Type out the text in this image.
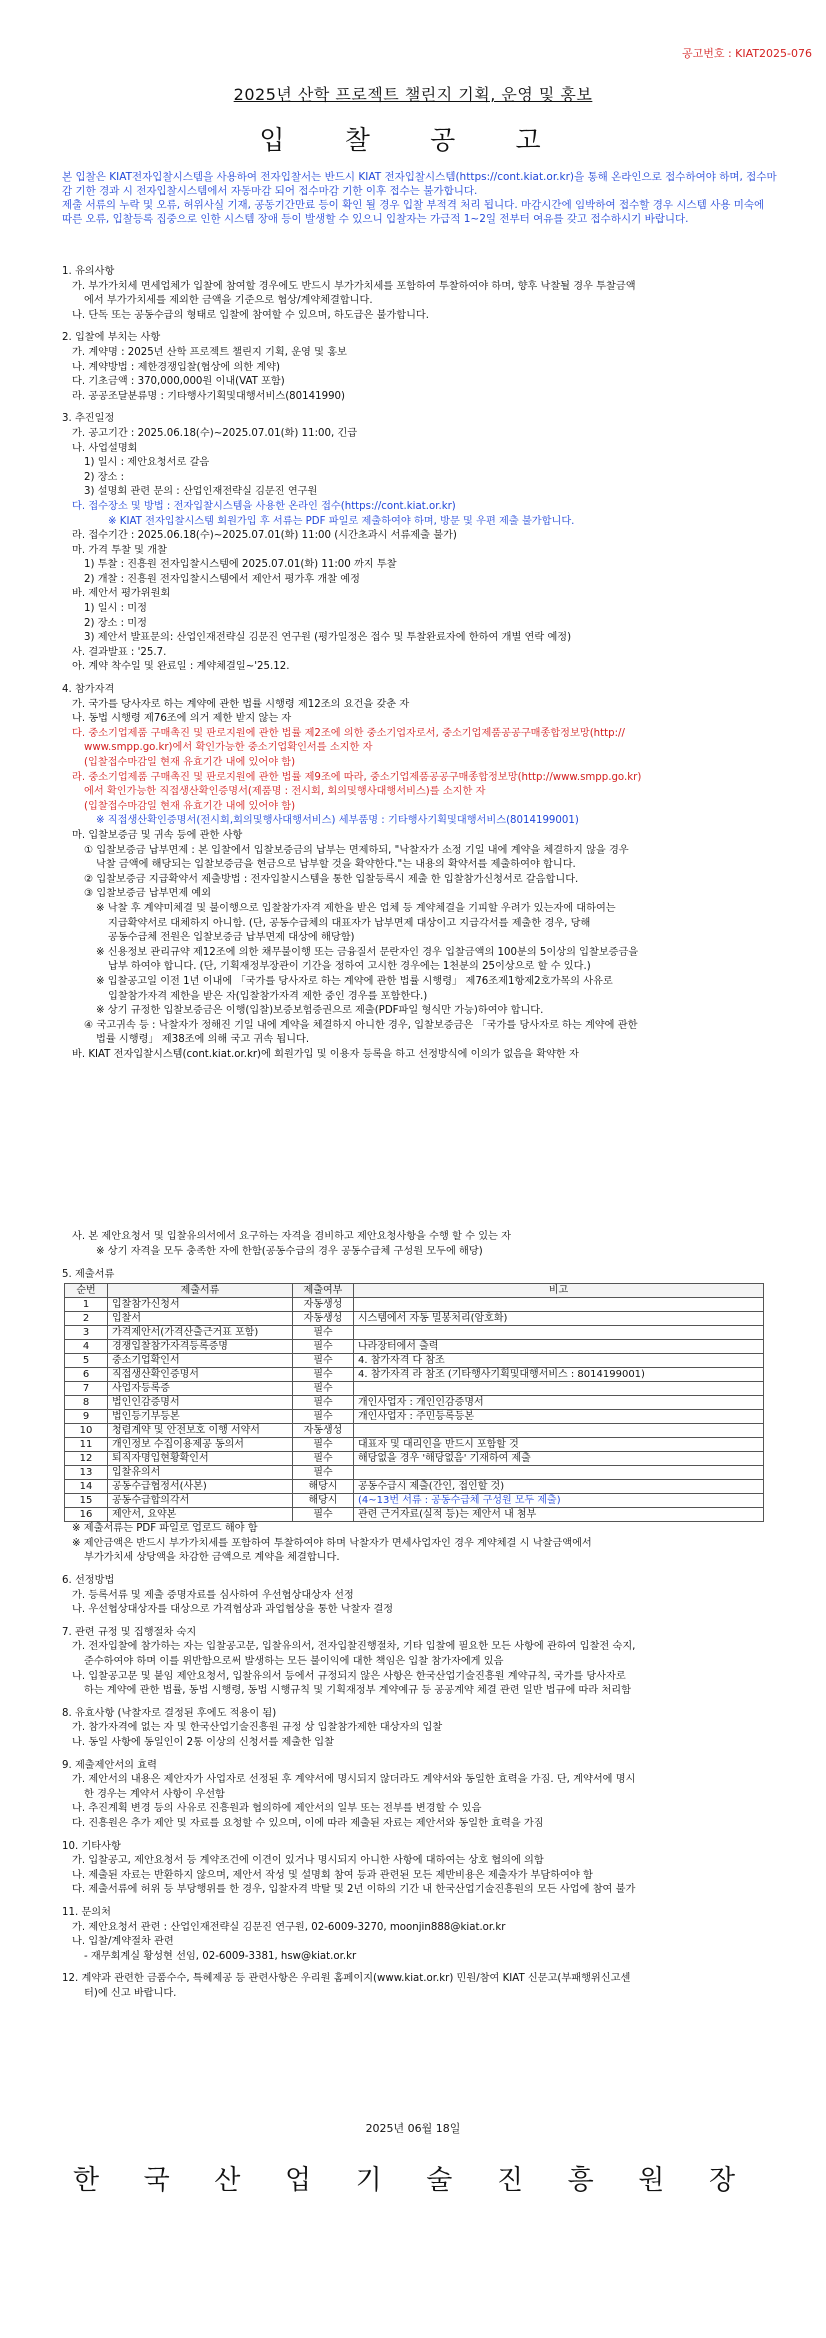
공고번호 : KIAT2025-076
2025년 산학 프로젝트 챌린지 기획, 운영 및 홍보
입 찰 공 고

본 입찰은 KIAT전자입찰시스템을 사용하여 전자입찰서는 반드시 KIAT 전자입찰시스템(https://cont.kiat.or.kr)을 통해 온라인으로 접수하여야 하며, 접수마감 기한 경과 시 전자입찰시스템에서 자동마감 되어 접수마감 기한 이후 접수는 불가합니다.

제출 서류의 누락 및 오류, 허위사실 기재, 공동기간만료 등이 확인 될 경우 입찰 부적격 처리 됩니다. 마감시간에 임박하여 접수할 경우 시스템 사용 미숙에 따른 오류, 입찰등록 집중으로 인한 시스템 장애 등이 발생할 수 있으니 입찰자는 가급적 1~2일 전부터 여유를 갖고 접수하시기 바랍니다.

1. 유의사항
가. 부가가치세 면세업체가 입찰에 참여할 경우에도 반드시 부가가치세를 포함하여 투찰하여야 하며, 향후 낙찰될 경우 투찰금액
에서 부가가치세를 제외한 금액을 기준으로 협상/계약체결합니다.
나. 단독 또는 공동수급의 형태로 입찰에 참여할 수 있으며, 하도급은 불가합니다.
2. 입찰에 부치는 사항
가. 계약명 : 2025년 산학 프로젝트 챌린지 기획, 운영 및 홍보
나. 계약방법 : 제한경쟁입찰(협상에 의한 계약)
다. 기초금액 : 370,000,000원 이내(VAT 포함)
라. 공공조달분류명 : 기타행사기획및대행서비스(80141990)
3. 추진일정
가. 공고기간 : 2025.06.18(수)~2025.07.01(화) 11:00, 긴급
나. 사업설명회
1) 일시 : 제안요청서로 갈음
2) 장소 :
3) 설명회 관련 문의 : 산업인재전략실 김문진 연구원
다. 접수장소 및 방법 : 전자입찰시스템을 사용한 온라인 접수(https://cont.kiat.or.kr)
※ KIAT 전자입찰시스템 회원가입 후 서류는 PDF 파일로 제출하여야 하며, 방문 및 우편 제출 불가합니다.
라. 접수기간 : 2025.06.18(수)~2025.07.01(화) 11:00 (시간초과시 서류제출 불가)
마. 가격 투찰 및 개찰
1) 투찰 : 진흥원 전자입찰시스템에 2025.07.01(화) 11:00 까지 투찰
2) 개찰 : 진흥원 전자입찰시스템에서 제안서 평가후 개찰 예정
바. 제안서 평가위원회
1) 일시 : 미정
2) 장소 : 미정
3) 제안서 발표문의: 산업인재전략실 김문진 연구원 (평가일정은 접수 및 투찰완료자에 한하여 개별 연락 예정)
사. 결과발표 : '25.7.
아. 계약 착수일 및 완료일 : 계약체결일~'25.12.
4. 참가자격
가. 국가를 당사자로 하는 계약에 관한 법률 시행령 제12조의 요건을 갖춘 자
나. 동법 시행령 제76조에 의거 제한 받지 않는 자
다. 중소기업제품 구매촉진 및 판로지원에 관한 법률 제2조에 의한 중소기업자로서, 중소기업제품공공구매종합정보망(http://
www.smpp.go.kr)에서 확인가능한 중소기업확인서를 소지한 자
(입찰접수마감일 현재 유효기간 내에 있어야 함)
라. 중소기업제품 구매촉진 및 판로지원에 관한 법률 제9조에 따라, 중소기업제품공공구매종합정보망(http://www.smpp.go.kr)
에서 확인가능한 직접생산확인증명서(제품명 : 전시회, 회의및행사대행서비스)를 소지한 자
(입찰접수마감일 현재 유효기간 내에 있어야 함)
※ 직접생산확인증명서(전시회,회의및행사대행서비스) 세부품명 : 기타행사기획및대행서비스(80141990​01)
마. 입찰보증금 및 귀속 등에 관한 사항
① 입찰보증금 납부면제 : 본 입찰에서 입찰보증금의 납부는 면제하되, "낙찰자가 소정 기일 내에 계약을 체결하지 않을 경우
낙찰 금액에 해당되는 입찰보증금을 현금으로 납부할 것을 확약한다."는 내용의 확약서를 제출하여야 합니다.
② 입찰보증금 지급확약서 제출방법 : 전자입찰시스템을 통한 입찰등록시 제출 한 입찰참가신청서로 갈음합니다.
③ 입찰보증금 납부면제 예외
※ 낙찰 후 계약미체결 및 불이행으로 입찰참가자격 제한을 받은 업체 등 계약체결을 기피할 우려가 있는자에 대하여는
지급확약서로 대체하지 아니함. (단, 공동수급체의 대표자가 납부면제 대상이고 지급각서를 제출한 경우, 당해
공동수급체 전원은 입찰보증금 납부면제 대상에 해당함)
※ 신용정보 관리규약 제12조에 의한 채무불이행 또는 금융질서 문란자인 경우 입찰금액의 100분의 5이상의 입찰보증금을
납부 하여야 합니다. (단, 기획재정부장관이 기간을 정하여 고시한 경우에는 1천분의 25이상으로 할 수 있다.)
※ 입찰공고일 이전 1년 이내에 「국가를 당사자로 하는 계약에 관한 법률 시행령」 제76조제1항제2호가목의 사유로
입찰참가자격 제한을 받은 자(입찰참가자격 제한 중인 경우를 포함한다.)
※ 상기 규정한 입찰보증금은 이행(입찰)보증보험증권으로 제출(PDF파일 형식만 가능)하여야 합니다.
④ 국고귀속 등 : 낙찰자가 정해진 기일 내에 계약을 체결하지 아니한 경우, 입찰보증금은 「국가를 당사자로 하는 계약에 관한
법률 시행령」 제38조에 의해 국고 귀속 됩니다.
바. KIAT 전자입찰시스템(cont.kiat.or.kr)에 회원가입 및 이용자 등록을 하고 선정방식에 이의가 없음을 확약한 자
사. 본 제안요청서 및 입찰유의서에서 요구하는 자격을 겸비하고 제안요청사항을 수행 할 수 있는 자
※ 상기 자격을 모두 충족한 자에 한함(공동수급의 경우 공동수급체 구성원 모두에 해당)
5. 제출서류
순번	제출서류	제출여부	비고
1	입찰참가신청서	자동생성	
2	입찰서	자동생성	시스템에서 자동 밀봉처리(암호화)
3	가격제안서(가격산출근거표 포함)	필수	
4	경쟁입찰참가자격등록증명	필수	나라장터에서 출력
5	중소기업확인서	필수	4. 참가자격 다 참조
6	직접생산확인증명서	필수	4. 참가자격 라 참조 (기타행사기획및대행서비스 : 8014199001)
7	사업자등록증	필수	
8	법인인감증명서	필수	개인사업자 : 개인인감증명서
9	법인등기부등본	필수	개인사업자 : 주민등록등본
10	청렴계약 및 안전보호 이행 서약서	자동생성	
11	개인정보 수집이용제공 동의서	필수	대표자 및 대리인을 반드시 포함할 것
12	퇴직자명입현황확인서	필수	해당없을 경우 '해당없음' 기재하여 제출
13	입찰유의서	필수	
14	공동수급협정서(사본)	해당시	공동수급시 제출(간인, 접인할 것)
15	공동수급합의각서	해당시	(4~13번 서류 : 공동수급체 구성원 모두 제출)
16	제안서, 요약본	필수	관련 근거자료(실적 등)는 제안서 내 첨부
※ 제출서류는 PDF 파일로 업로드 해야 함
※ 제안금액은 반드시 부가가치세를 포함하여 투찰하여야 하며 낙찰자가 면세사업자인 경우 계약체결 시 낙찰금액에서
부가가치세 상당액을 차감한 금액으로 계약을 체결합니다.
6. 선정방법
가. 등록서류 및 제출 증명자료를 심사하여 우선협상대상자 선정
나. 우선협상대상자를 대상으로 가격협상과 과업협상을 통한 낙찰자 결정
7. 관련 규정 및 집행절차 숙지
가. 전자입찰에 참가하는 자는 입찰공고문, 입찰유의서, 전자입찰진행절차, 기타 입찰에 필요한 모든 사항에 관하여 입찰전 숙지,
준수하여야 하며 이를 위반함으로써 발생하는 모든 불이익에 대한 책임은 입찰 참가자에게 있음
나. 입찰공고문 및 붙임 제안요청서, 입찰유의서 등에서 규정되지 않은 사항은 한국산업기술진흥원 계약규칙, 국가를 당사자로
하는 계약에 관한 법률, 동법 시행령, 동법 시행규칙 및 기획재정부 계약예규 등 공공계약 체결 관련 일반 법규에 따라 처리함
8. 유효사항 (낙찰자로 결정된 후에도 적용이 됨)
가. 참가자격에 없는 자 및 한국산업기술진흥원 규정 상 입찰참가제한 대상자의 입찰
나. 동일 사항에 동일인이 2통 이상의 신청서를 제출한 입찰
9. 제출제안서의 효력
가. 제안서의 내용은 제안자가 사업자로 선정된 후 계약서에 명시되지 않더라도 계약서와 동일한 효력을 가짐. 단, 계약서에 명시
한 경우는 계약서 사항이 우선함
나. 추진계획 변경 등의 사유로 진흥원과 협의하에 제안서의 일부 또는 전부를 변경할 수 있음
다. 진흥원은 추가 제안 및 자료를 요청할 수 있으며, 이에 따라 제출된 자료는 제안서와 동일한 효력을 가짐
10. 기타사항
가. 입찰공고, 제안요청서 등 계약조건에 이견이 있거나 명시되지 아니한 사항에 대하여는 상호 협의에 의함
나. 제출된 자료는 반환하지 않으며, 제안서 작성 및 설명회 참여 등과 관련된 모든 제반비용은 제출자가 부담하여야 함
다. 제출서류에 허위 등 부당행위를 한 경우, 입찰자격 박탈 및 2년 이하의 기간 내 한국산업기술진흥원의 모든 사업에 참여 불가
11. 문의처
가. 제안요청서 관련 : 산업인재전략실 김문진 연구원, 02-6009-3270, moonjin888@kiat.or.kr
나. 입찰/계약절차 관련
- 재무회계실 황성현 선임, 02-6009-3381, hsw@kiat.or.kr
12. 계약과 관련한 금품수수, 특혜제공 등 관련사항은 우리원 홈페이지(www.kiat.or.kr) 민원/참여 KIAT 신문고(부패행위신고센
터)에 신고 바랍니다.
2025년 06월 18일
한 국 산 업 기 술 진 흥 원 장
